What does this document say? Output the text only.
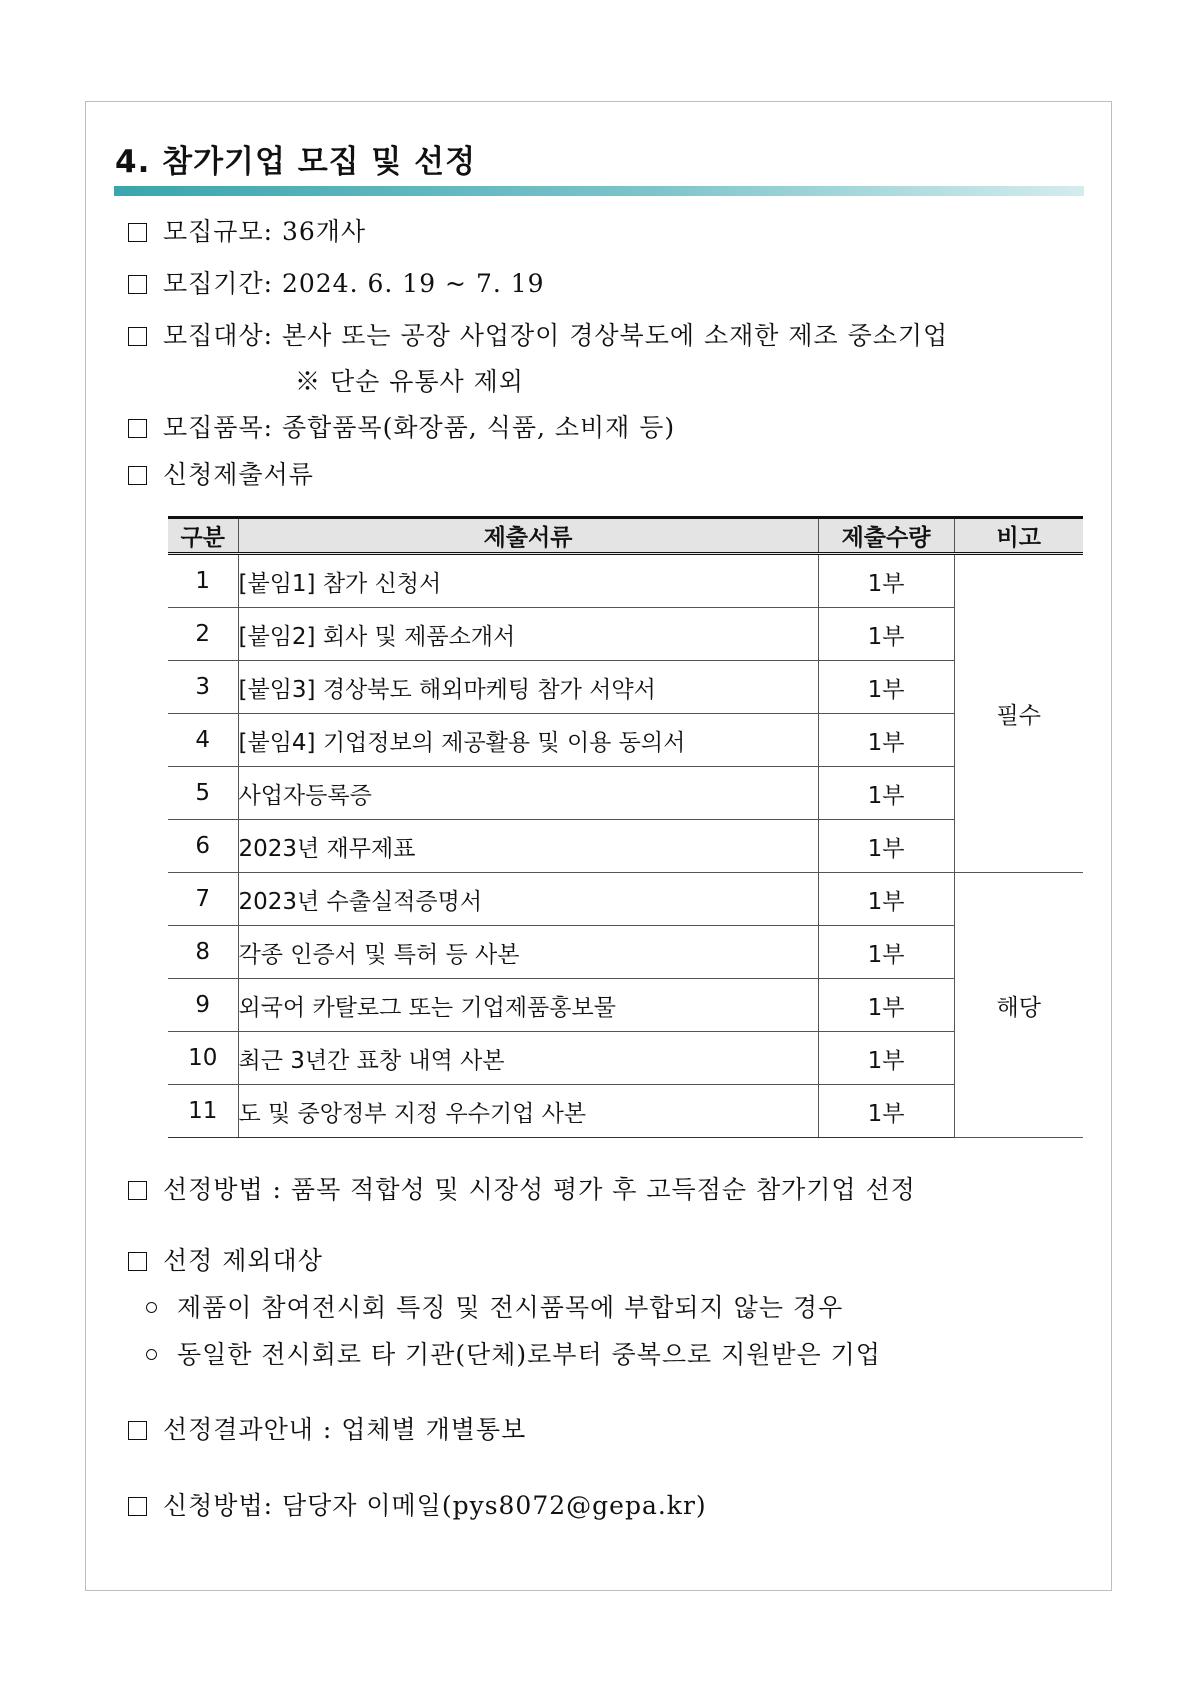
4. 참가기업 모집 및 선정
모집규모: 36개사
모집기간: 2024. 6. 19 ~ 7. 19
모집대상: 본사 또는 공장 사업장이 경상북도에 소재한 제조 중소기업
※ 단순 유통사 제외
모집품목: 종합품목(화장품, 식품, 소비재 등)
신청제출서류
구분	제출서류	제출수량	비고
1	[붙임1] 참가 신청서	1부	필수
2	[붙임2] 회사 및 제품소개서	1부	
3	[붙임3] 경상북도 해외마케팅 참가 서약서	1부	
4	[붙임4] 기업정보의 제공활용 및 이용 동의서	1부	
5	사업자등록증	1부	
6	2023년 재무제표	1부	
7	2023년 수출실적증명서	1부	해당
8	각종 인증서 및 특허 등 사본	1부	
9	외국어 카탈로그 또는 기업제품홍보물	1부	
10	최근 3년간 표창 내역 사본	1부	
11	도 및 중앙정부 지정 우수기업 사본	1부	
선정방법 : 품목 적합성 및 시장성 평가 후 고득점순 참가기업 선정
선정 제외대상
제품이 참여전시회 특징 및 전시품목에 부합되지 않는 경우
동일한 전시회로 타 기관(단체)로부터 중복으로 지원받은 기업
선정결과안내 : 업체별 개별통보
신청방법: 담당자 이메일(pys8072@gepa.kr)
